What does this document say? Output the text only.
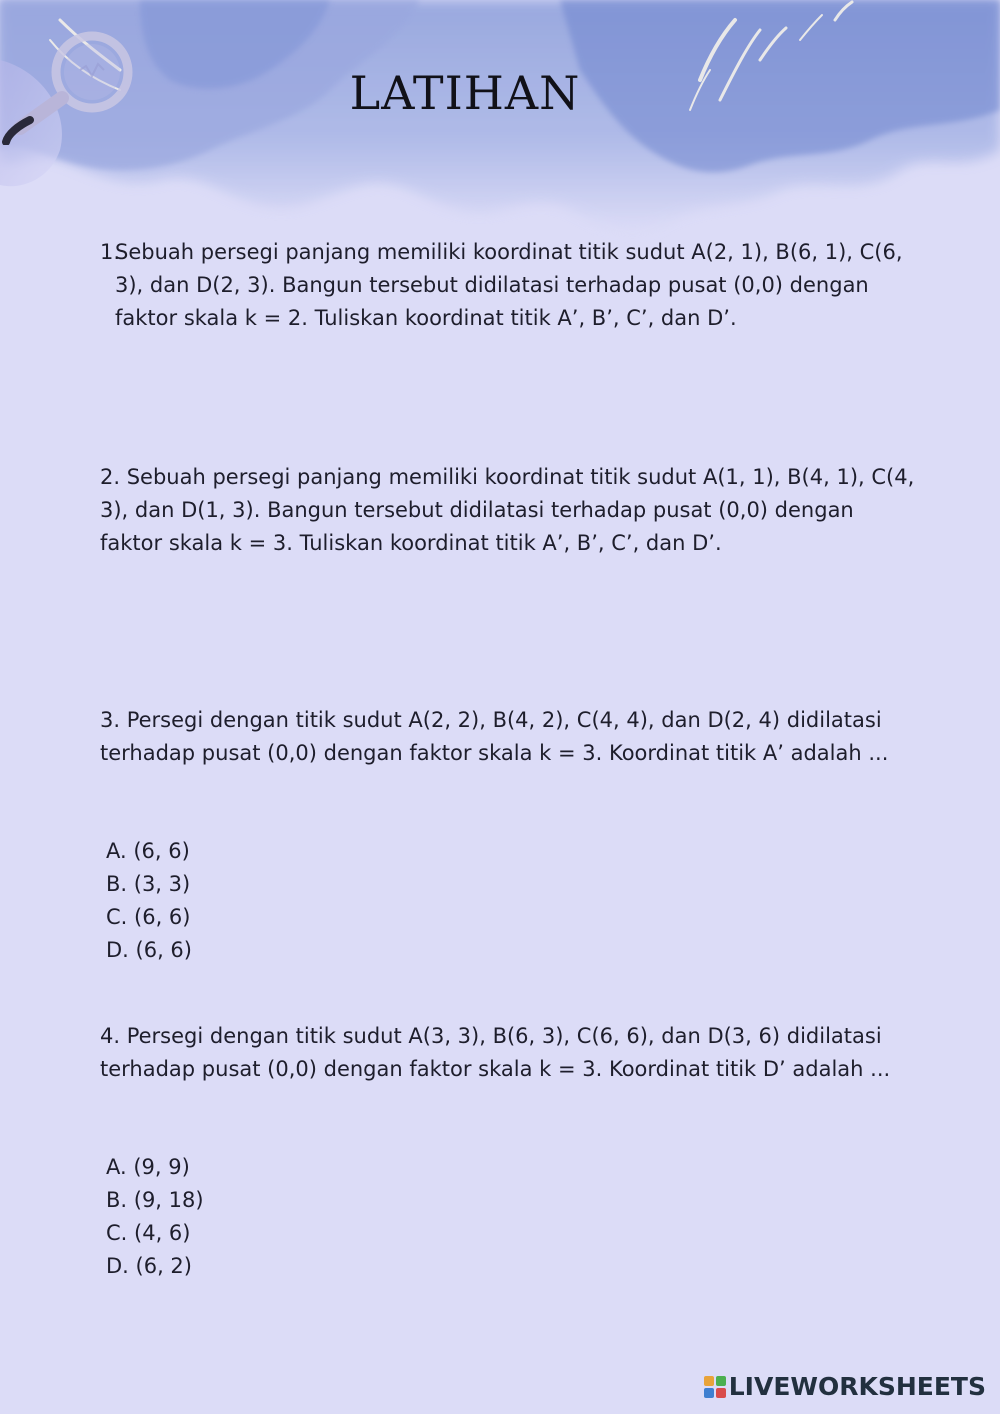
LATIHAN
1.
Sebuah persegi panjang memiliki koordinat titik sudut A(2, 1), B(6, 1), C(6, 3), dan D(2, 3). Bangun tersebut didilatasi terhadap pusat (0,0) dengan faktor skala k = 2. Tuliskan koordinat titik A’, B’, C’, dan D’.
2. Sebuah persegi panjang memiliki koordinat titik sudut A(1, 1), B(4, 1), C(4, 3), dan D(1, 3). Bangun tersebut didilatasi terhadap pusat (0,0) dengan faktor skala k = 3. Tuliskan koordinat titik A’, B’, C’, dan D’.
3. Persegi dengan titik sudut A(2, 2), B(4, 2), C(4, 4), dan D(2, 4) didilatasi terhadap pusat (0,0) dengan faktor skala k = 3. Koordinat titik A’ adalah ...
A. (6, 6)
B. (3, 3)
C. (6, 6)
D. (6, 6)
4. Persegi dengan titik sudut A(3, 3), B(6, 3), C(6, 6), dan D(3, 6) didilatasi terhadap pusat (0,0) dengan faktor skala k = 3. Koordinat titik D’ adalah ...
A. (9, 9)
B. (9, 18)
C. (4, 6)
D. (6, 2)
LIVEWORKSHEETS
